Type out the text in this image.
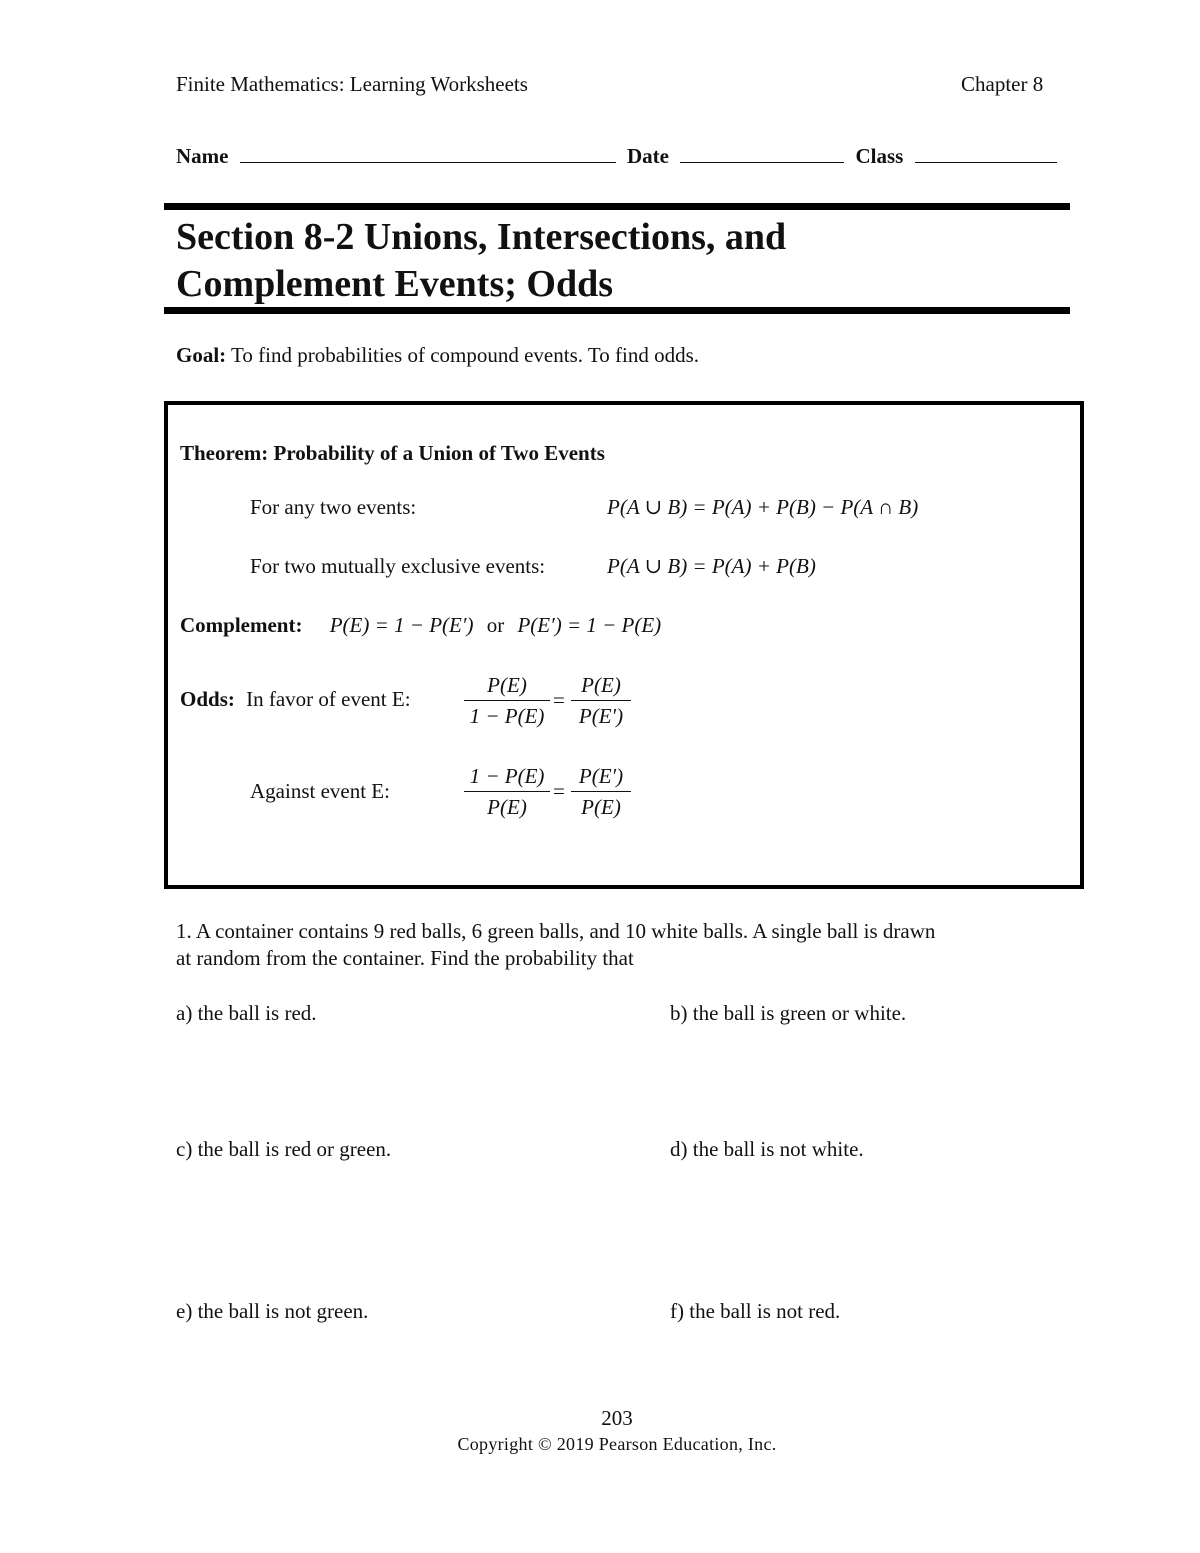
Finite Mathematics: Learning Worksheets	Chapter 8
Name	Date	Class
Section 8-2 Unions, Intersections, and
Complement Events; Odds
Goal: To find probabilities of compound events. To find odds.
Theorem: Probability of a Union of Two Events
For any two events:	P(A ∪ B) = P(A) + P(B) − P(A ∩ B)
For two mutually exclusive events:	P(A ∪ B) = P(A) + P(B)
Complement: P(E) = 1 − P(E′) or P(E′) = 1 − P(E)
Odds: In favor of event E:	$\frac{P(E)}{1 - P(E)} = \frac{P(E)}{P(E')}$
Against event E:	$\frac{1 - P(E)}{P(E)} = \frac{P(E')}{P(E)}$
1. A container contains 9 red balls, 6 green balls, and 10 white balls. A single ball is drawn
at random from the container. Find the probability that
a) the ball is red.	b) the ball is green or white.
c) the ball is red or green.	d) the ball is not white.
e) the ball is not green.	f) the ball is not red.
203
Copyright © 2019 Pearson Education, Inc.
